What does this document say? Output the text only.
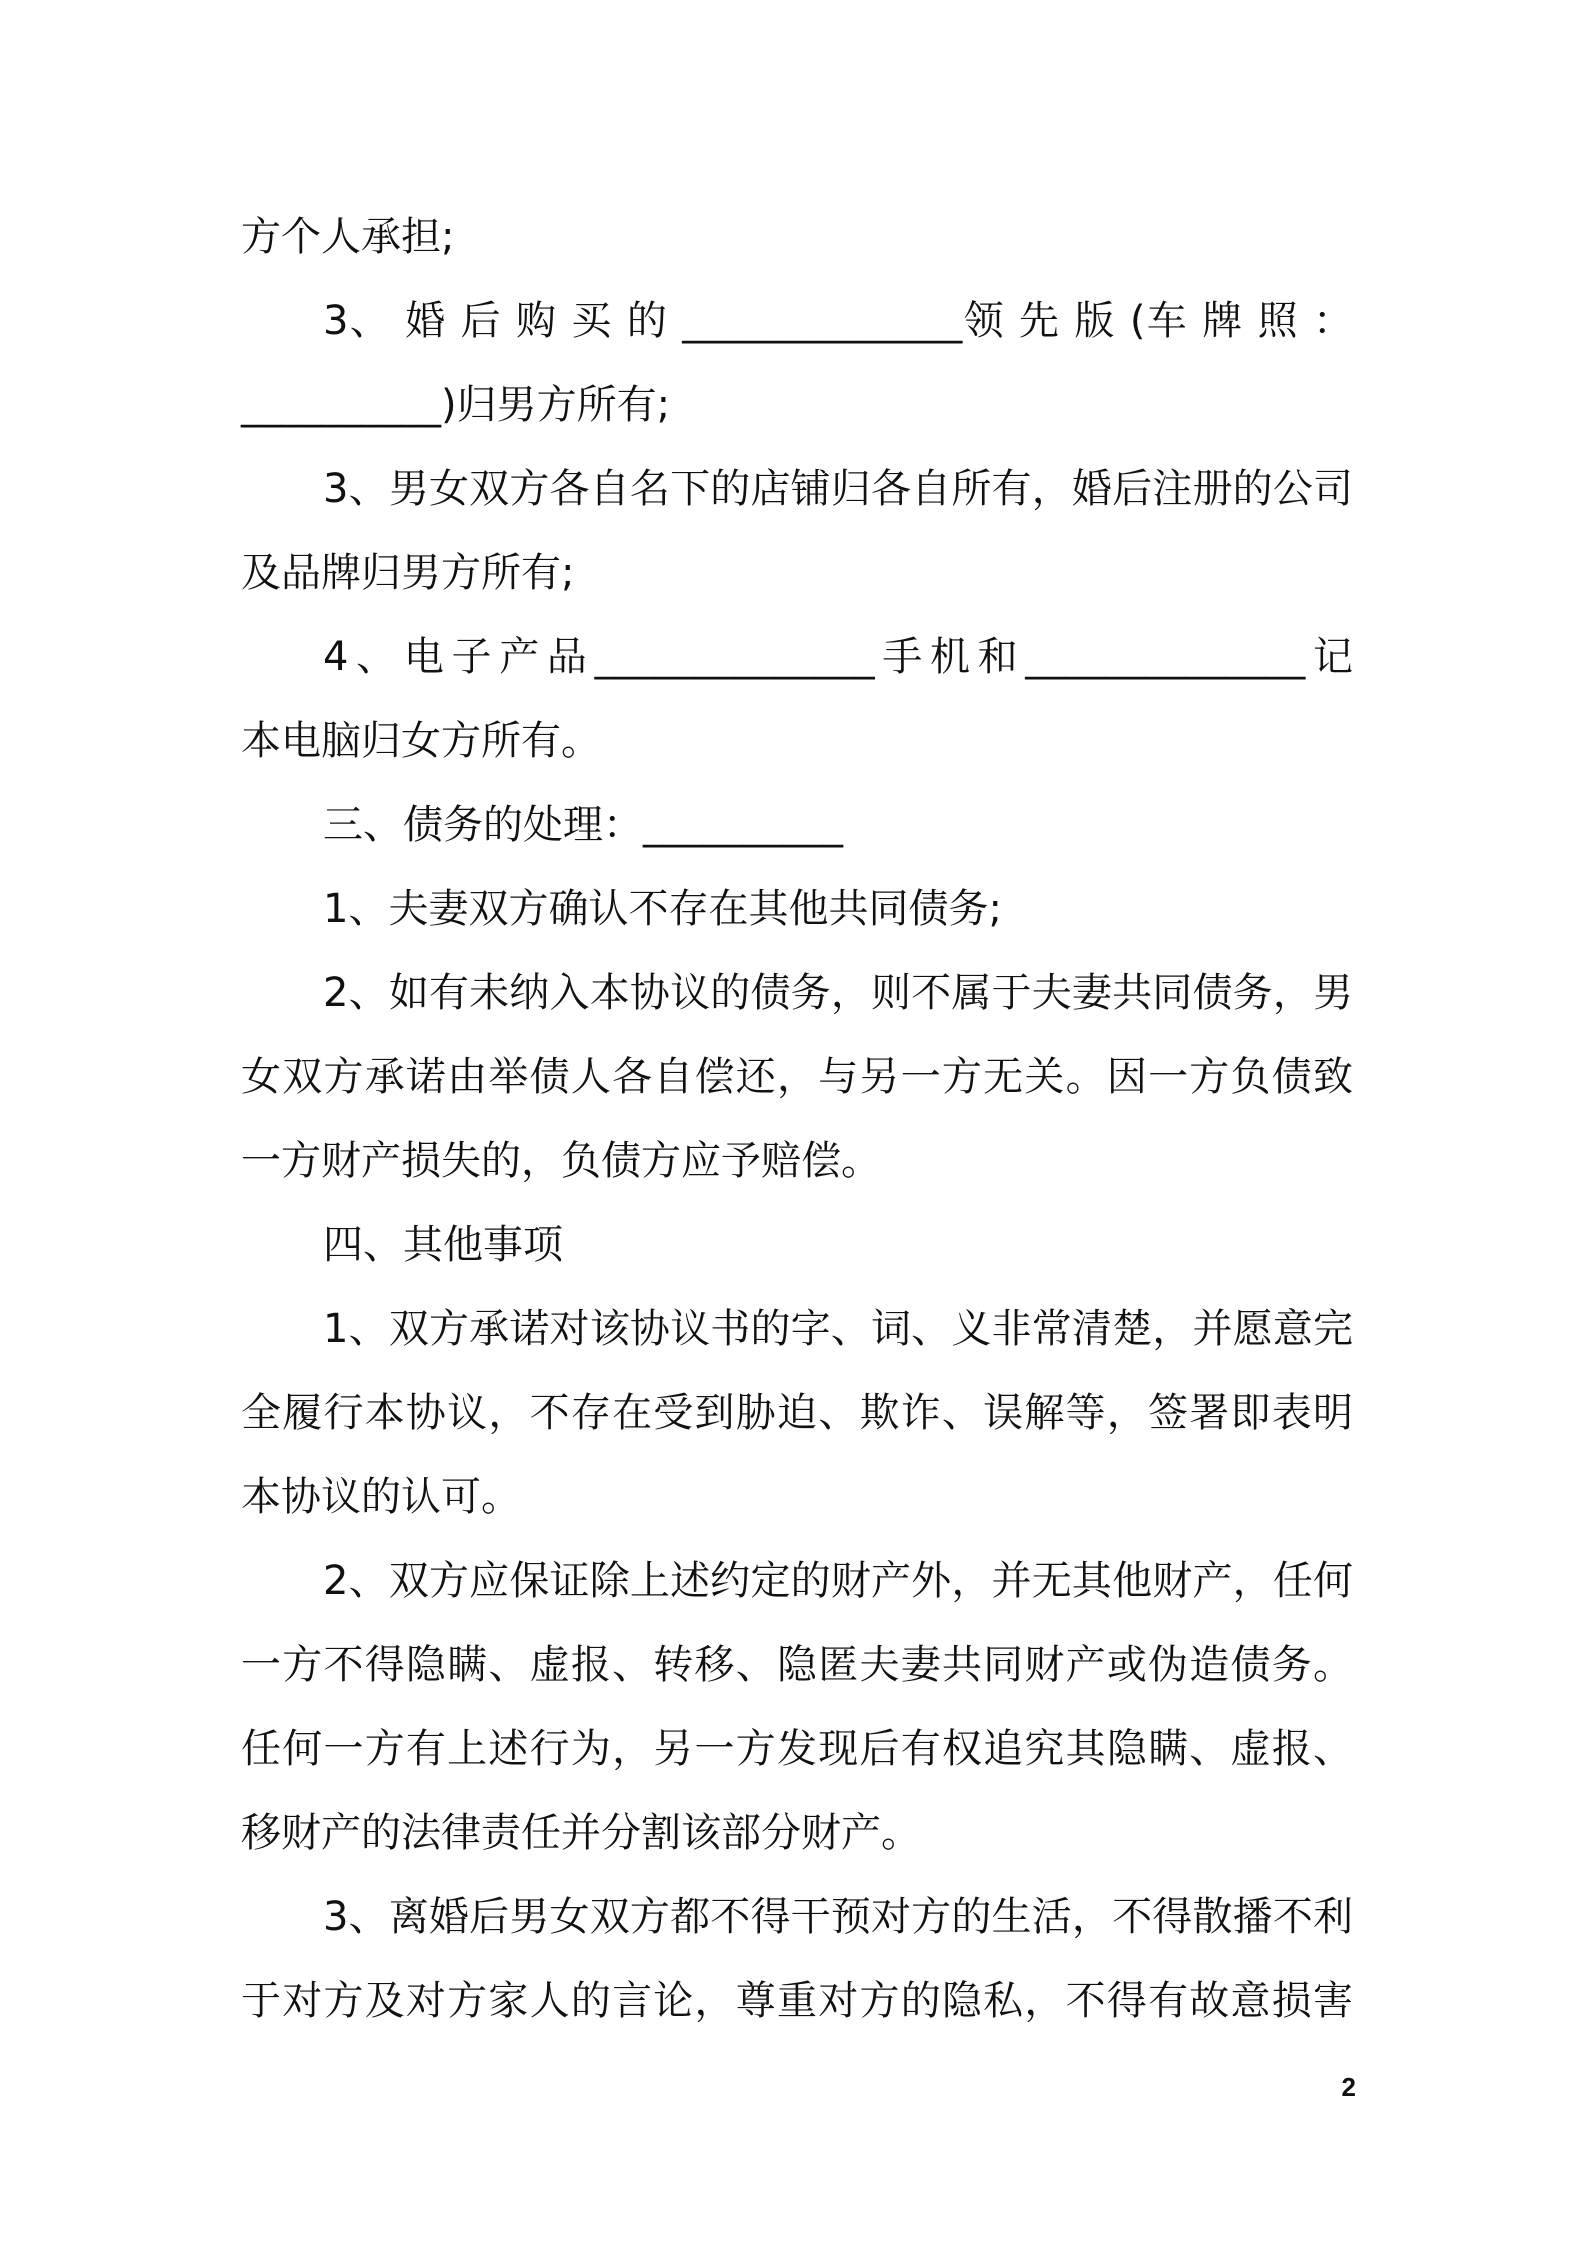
方个人承担;
3、 婚 后 购 买 的 ______________领 先 版 (车 牌 照 ：
__________)归男方所有;
3、男女双方各自名下的店铺归各自所有，婚后注册的公司
及品牌归男方所有;
4、电子产品______________手机和______________记
本电脑归女方所有。
三、债务的处理：__________
1、夫妻双方确认不存在其他共同债务;
2、如有未纳入本协议的债务，则不属于夫妻共同债务，男
女双方承诺由举债人各自偿还，与另一方无关。因一方负债致
一方财产损失的，负债方应予赔偿。
四、其他事项
1、双方承诺对该协议书的字、词、义非常清楚，并愿意完
全履行本协议，不存在受到胁迫、欺诈、误解等，签署即表明
本协议的认可。
2、双方应保证除上述约定的财产外，并无其他财产，任何
一方不得隐瞒、虚报、转移、隐匿夫妻共同财产或伪造债务。
任何一方有上述行为，另一方发现后有权追究其隐瞒、虚报、
移财产的法律责任并分割该部分财产。
3、离婚后男女双方都不得干预对方的生活，不得散播不利
于对方及对方家人的言论，尊重对方的隐私，不得有故意损害
2
